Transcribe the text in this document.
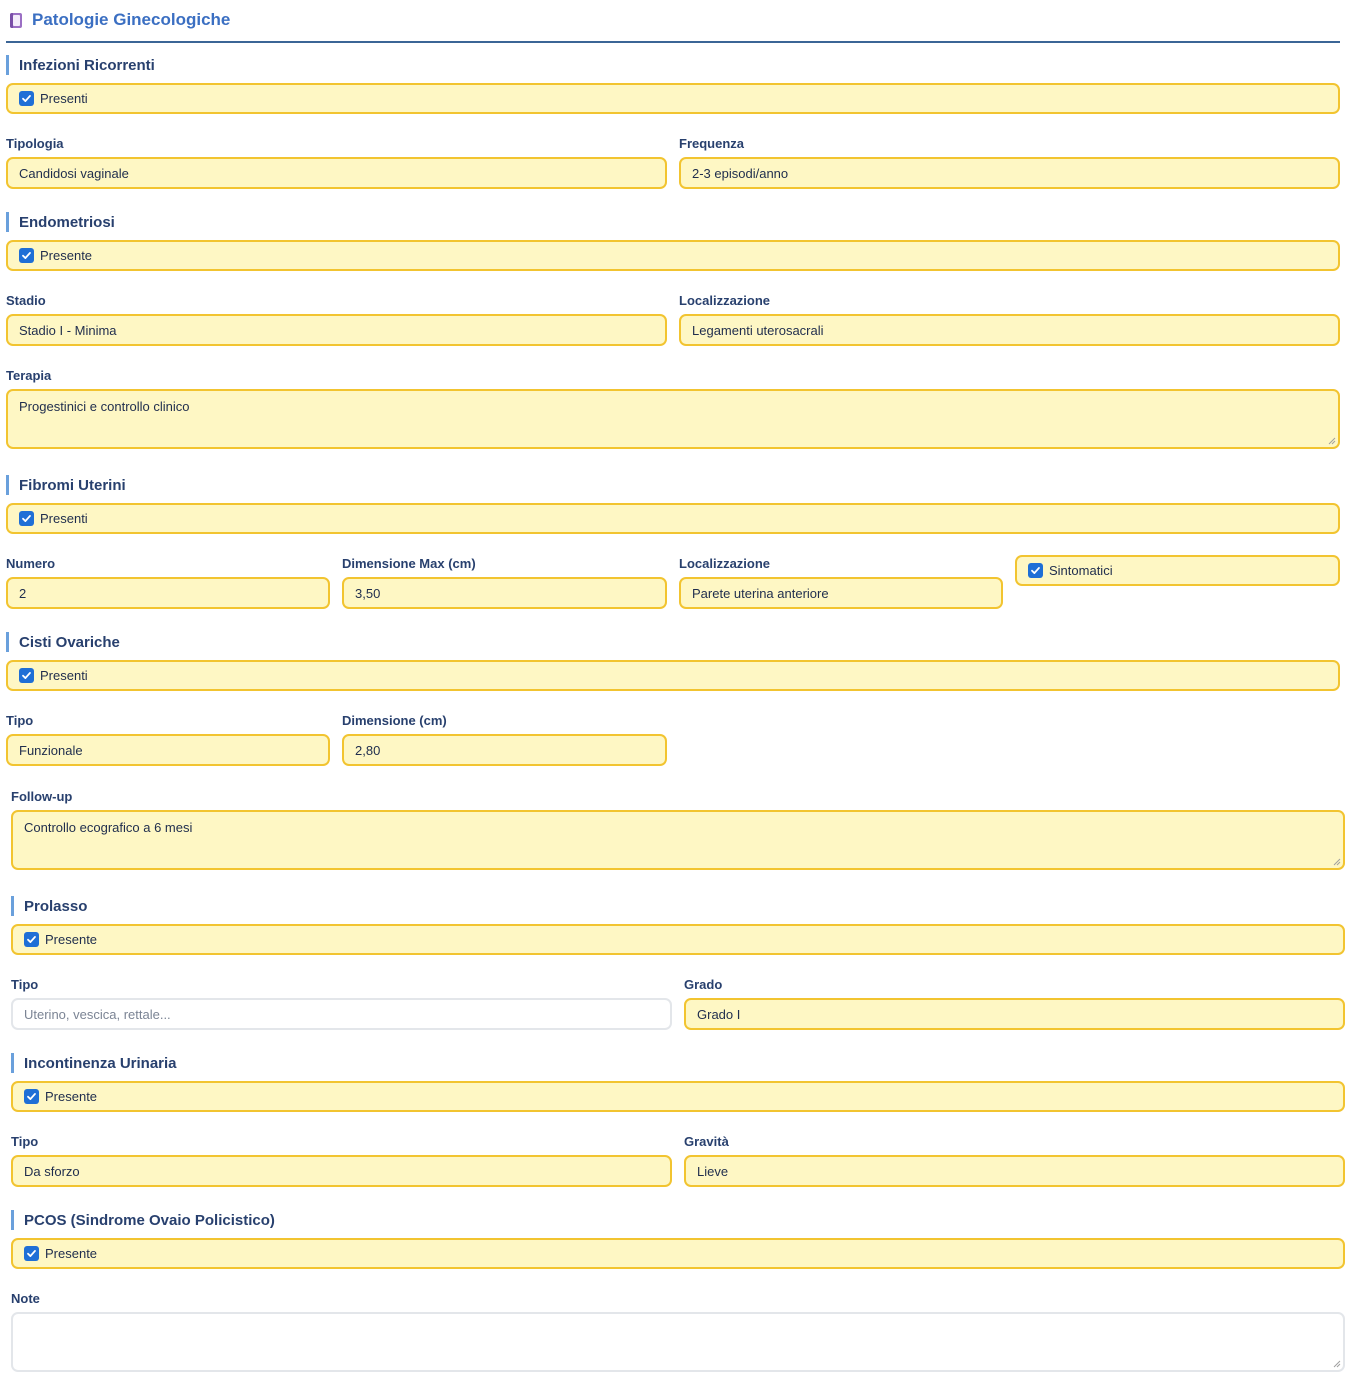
Patologie Ginecologiche
Infezioni Ricorrenti
Presenti
Tipologia
Candidosi vaginale
Frequenza
2-3 episodi/anno
Endometriosi
Presente
Stadio
Stadio I - Minima
Localizzazione
Legamenti uterosacrali
Terapia
Progestinici e controllo clinico
Fibromi Uterini
Presenti
Numero
2
Dimensione Max (cm)
3,50
Localizzazione
Parete uterina anteriore
Sintomatici
Cisti Ovariche
Presenti
Tipo
Funzionale
Dimensione (cm)
2,80
Follow-up
Controllo ecografico a 6 mesi
Prolasso
Presente
Tipo
Uterino, vescica, rettale...
Grado
Grado I
Incontinenza Urinaria
Presente
Tipo
Da sforzo
Gravità
Lieve
PCOS (Sindrome Ovaio Policistico)
Presente
Note
